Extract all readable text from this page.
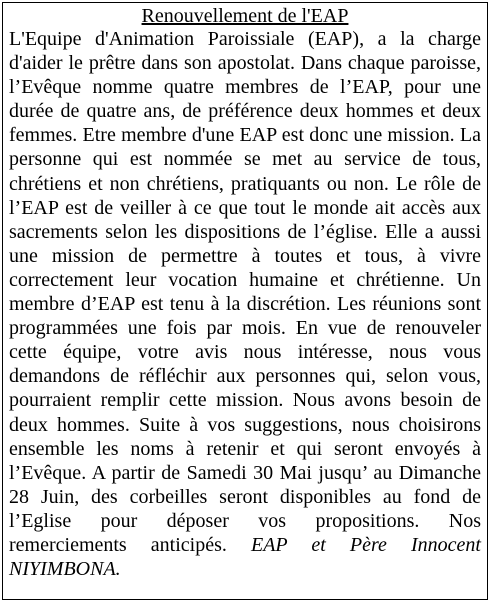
Renouvellement de l'EAP

L'Equipe d'Animation Paroissiale (EAP), a la charge d'aider le prêtre dans son apostolat. Dans chaque paroisse, l’Evêque nomme quatre membres de l’EAP, pour une durée de quatre ans, de préférence deux hommes et deux femmes. Etre membre d'une EAP est donc une mission. La personne qui est nommée se met au service de tous, chrétiens et non chrétiens, pratiquants ou non. Le rôle de l’EAP est de veiller à ce que tout le monde ait accès aux sacrements selon les dispositions de l’église. Elle a aussi une mission de permettre à toutes et tous, à vivre correctement leur vocation humaine et chrétienne. Un membre d’EAP est tenu à la discrétion. Les réunions sont programmées une fois par mois. En vue de renouveler cette équipe, votre avis nous intéresse, nous vous demandons de réfléchir aux personnes qui, selon vous, pourraient remplir cette mission. Nous avons besoin de deux hommes. Suite à vos suggestions, nous choisirons ensemble les noms à retenir et qui seront envoyés à l’Evêque. A partir de Samedi 30 Mai jusqu’ au Dimanche 28 Juin, des corbeilles seront disponibles au fond de l’Eglise pour déposer vos propositions. Nos remerciements anticipés. EAP et Père Innocent NIYIMBONA.
